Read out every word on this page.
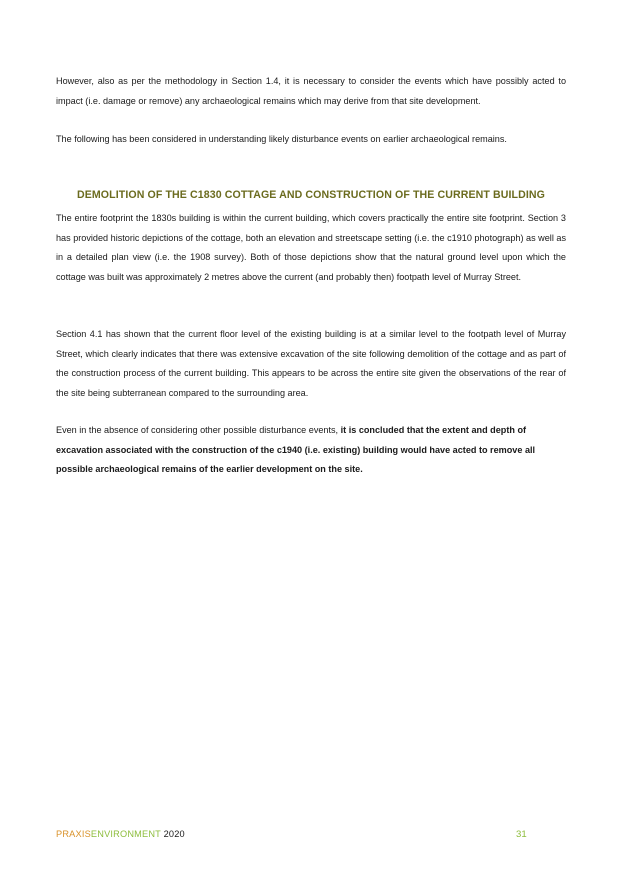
However, also as per the methodology in Section 1.4, it is necessary to consider the events which have possibly acted to impact (i.e. damage or remove) any archaeological remains which may derive from that site development.

The following has been considered in understanding likely disturbance events on earlier archaeological remains.

DEMOLITION OF THE C1830 COTTAGE AND CONSTRUCTION OF THE CURRENT BUILDING

The entire footprint the 1830s building is within the current building, which covers practically the entire site footprint. Section 3 has provided historic depictions of the cottage, both an elevation and streetscape setting (i.e. the c1910 photograph) as well as in a detailed plan view (i.e. the 1908 survey). Both of those depictions show that the natural ground level upon which the cottage was built was approximately 2 metres above the current (and probably then) footpath level of Murray Street.

Section 4.1 has shown that the current floor level of the existing building is at a similar level to the footpath level of Murray Street, which clearly indicates that there was extensive excavation of the site following demolition of the cottage and as part of the construction process of the current building. This appears to be across the entire site given the observations of the rear of the site being subterranean compared to the surrounding area.

Even in the absence of considering other possible disturbance events, it is concluded that the extent and depth of excavation associated with the construction of the c1940 (i.e. existing) building would have acted to remove all possible archaeological remains of the earlier development on the site.

PRAXISENVIRONMENT 2020	31
